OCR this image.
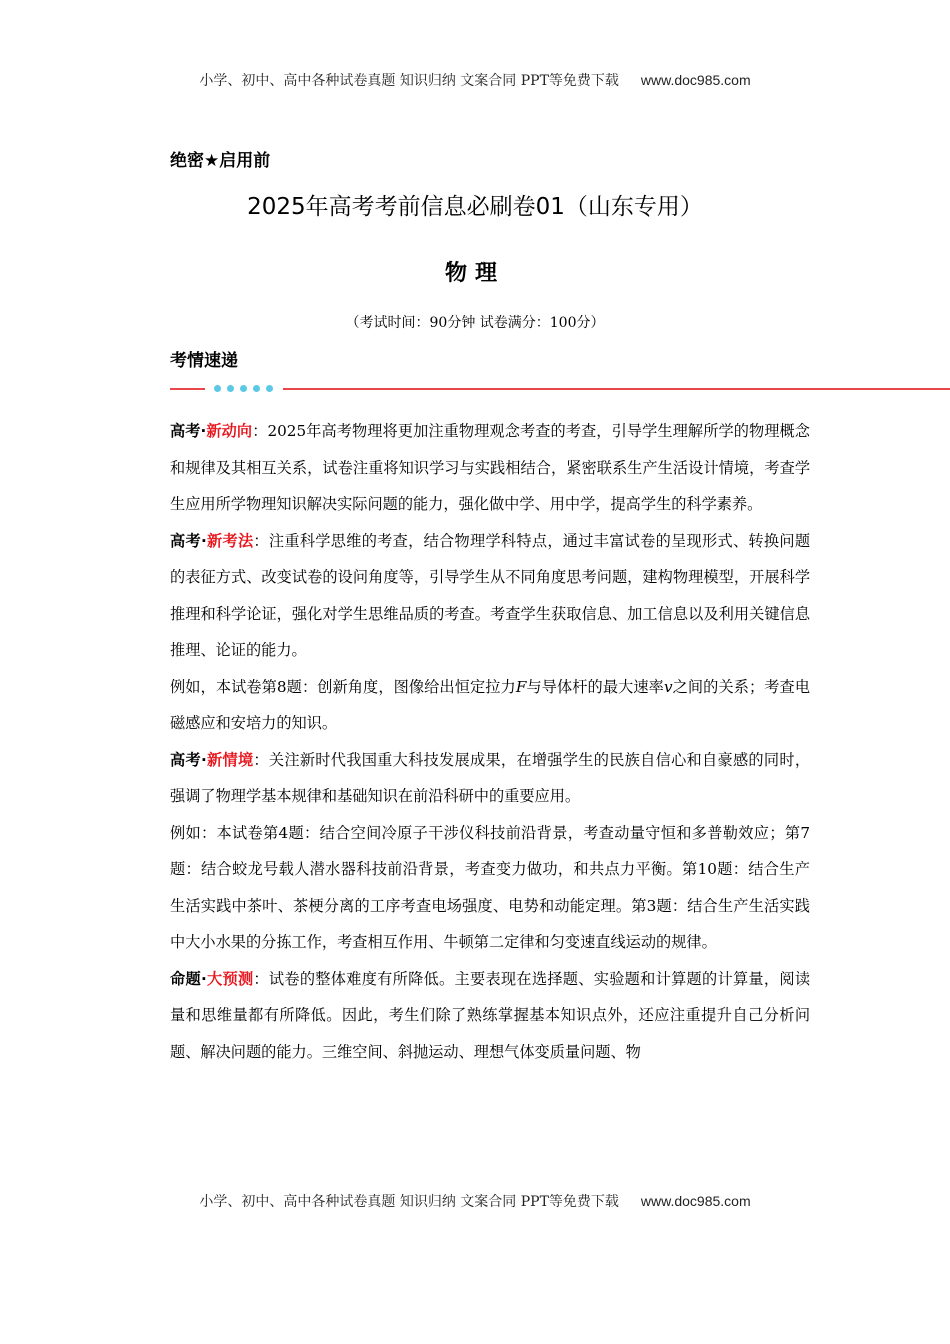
小学、初中、高中各种试卷真题 知识归纳 文案合同 PPT等免费下载 www.doc985.com
绝密★启用前
2025年高考考前信息必刷卷01（山东专用）
物理
（考试时间：90分钟 试卷满分：100分）
考情速递

高考·新动向：2025年高考物理将更加注重物理观念考查的考查，引导学生理解所学的物理概念和规律及其相互关系，试卷注重将知识学习与实践相结合，紧密联系生产生活设计情境，考查学生应用所学物理知识解决实际问题的能力，强化做中学、用中学，提高学生的科学素养。

高考·新考法：注重科学思维的考查，结合物理学科特点，通过丰富试卷的呈现形式、转换问题的表征方式、改变试卷的设问角度等，引导学生从不同角度思考问题，建构物理模型，开展科学推理和科学论证，强化对学生思维品质的考查。考查学生获取信息、加工信息以及利用关键信息推理、论证的能力。

例如，本试卷第8题：创新角度，图像给出恒定拉力F与导体杆的最大速率v之间的关系；考查电磁感应和安培力的知识。

高考·新情境：关注新时代我国重大科技发展成果，在增强学生的民族自信心和自豪感的同时，强调了物理学基本规律和基础知识在前沿科研中的重要应用。

例如：本试卷第4题：结合空间冷原子干涉仪科技前沿背景，考查动量守恒和多普勒效应；第7题：结合蛟龙号载人潜水器科技前沿背景，考查变力做功，和共点力平衡。第10题：结合生产生活实践中茶叶、茶梗分离的工序考查电场强度、电势和动能定理。第3题：结合生产生活实践中大小水果的分拣工作，考查相互作用、牛顿第二定律和匀变速直线运动的规律。

命题·大预测：试卷的整体难度有所降低。主要表现在选择题、实验题和计算题的计算量，阅读量和思维量都有所降低。因此，考生们除了熟练掌握基本知识点外，还应注重提升自己分析问题、解决问题的能力。三维空间、斜抛运动、理想气体变质量问题、物

小学、初中、高中各种试卷真题 知识归纳 文案合同 PPT等免费下载 www.doc985.com
